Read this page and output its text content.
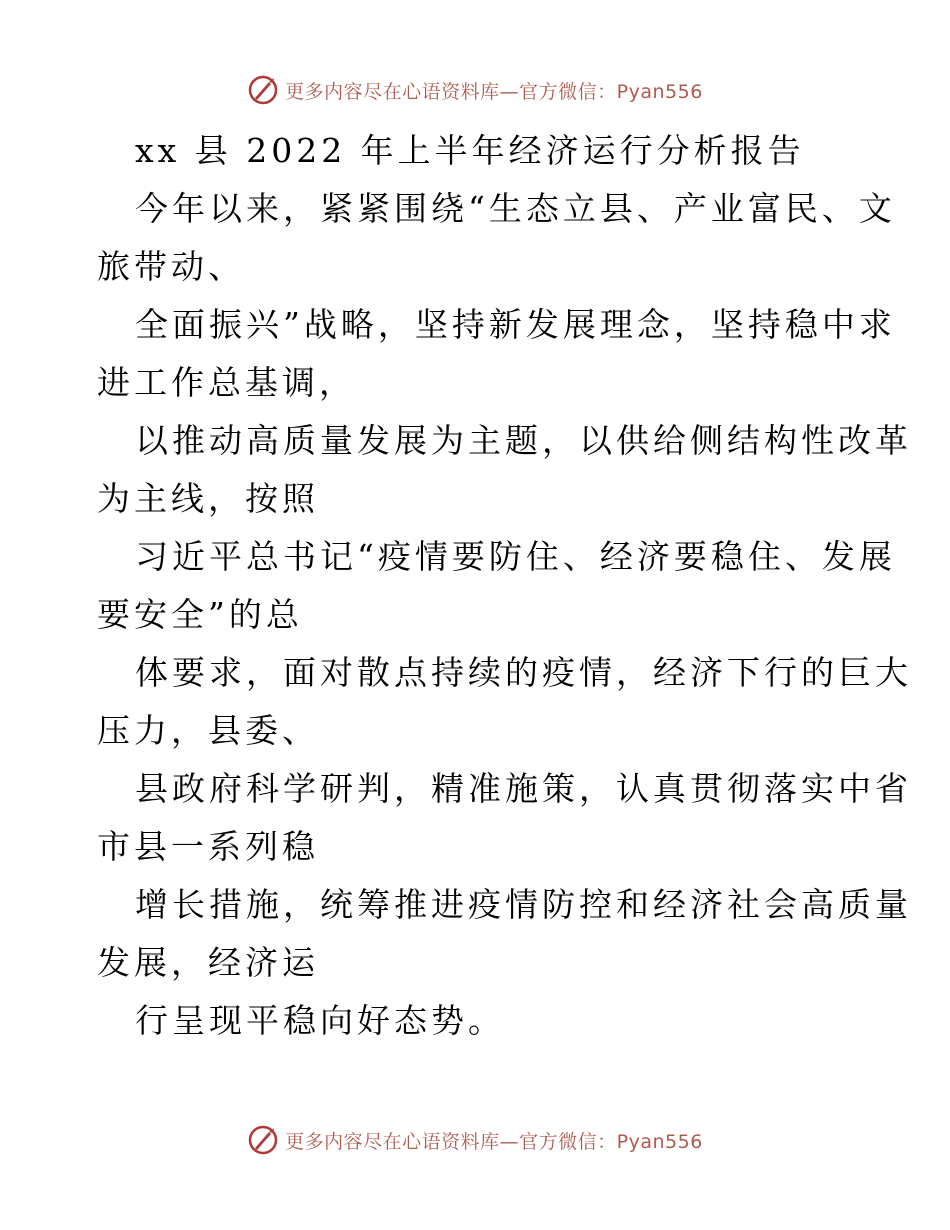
更多内容尽在心语资料库—官方微信：Pyan556
xx 县 2022 年上半年经济运行分析报告
今年以来，紧紧围绕“生态立县、产业富民、文
旅带动、
全面振兴”战略，坚持新发展理念，坚持稳中求
进工作总基调，
以推动高质量发展为主题，以供给侧结构性改革
为主线，按照
习近平总书记“疫情要防住、经济要稳住、发展
要安全”的总
体要求，面对散点持续的疫情，经济下行的巨大
压力，县委、
县政府科学研判，精准施策，认真贯彻落实中省
市县一系列稳
增长措施，统筹推进疫情防控和经济社会高质量
发展，经济运
行呈现平稳向好态势。
更多内容尽在心语资料库—官方微信：Pyan556
